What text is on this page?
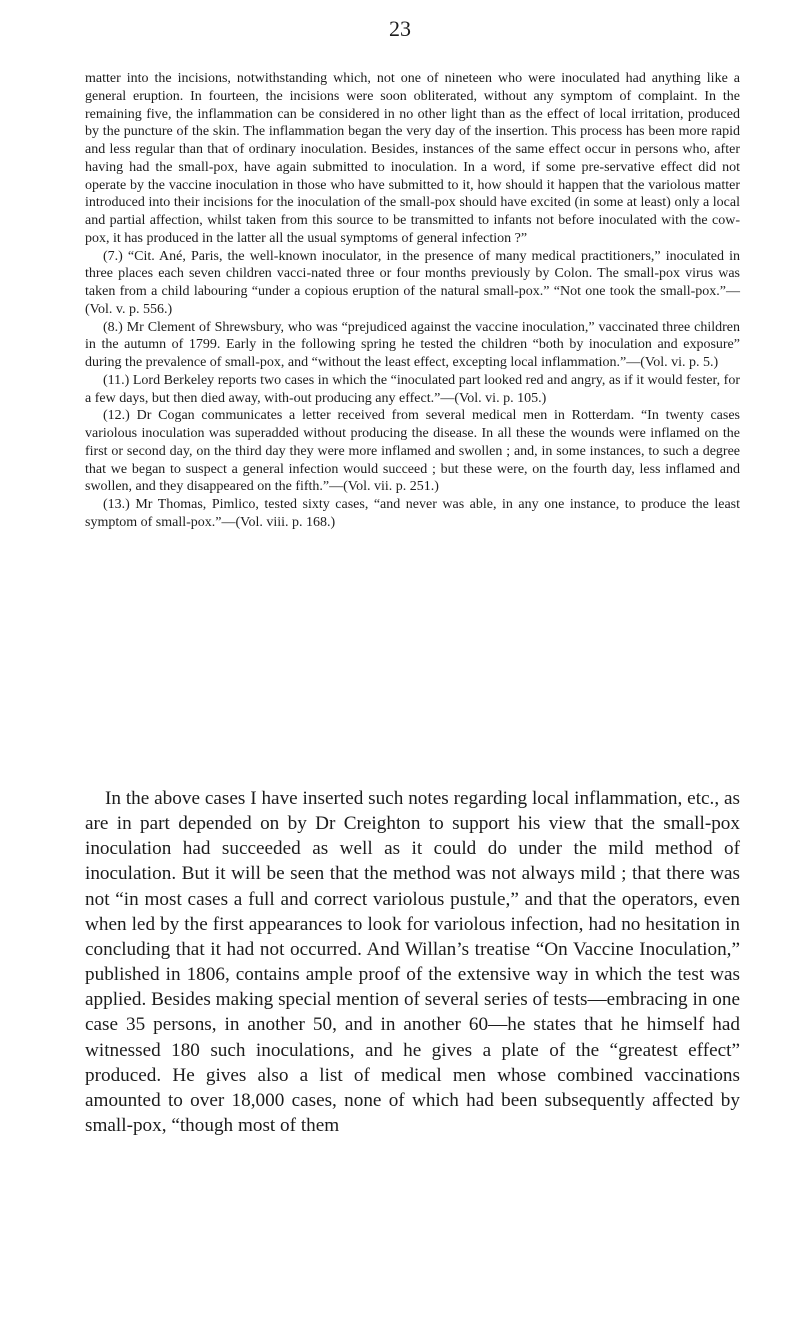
23

matter into the incisions, notwithstanding which, not one of nineteen who were inoculated had anything like a general eruption. In fourteen, the incisions were soon obliterated, without any symptom of complaint. In the remaining five, the inflammation can be considered in no other light than as the effect of local irritation, produced by the puncture of the skin. The inflammation began the very day of the insertion. This process has been more rapid and less regular than that of ordinary inoculation. Besides, instances of the same effect occur in persons who, after having had the small-pox, have again submitted to inoculation. In a word, if some pre-servative effect did not operate by the vaccine inoculation in those who have submitted to it, how should it happen that the variolous matter introduced into their incisions for the inoculation of the small-pox should have excited (in some at least) only a local and partial affection, whilst taken from this source to be transmitted to infants not before inoculated with the cow-pox, it has produced in the latter all the usual symptoms of general infection ?”

(7.) “Cit. Ané, Paris, the well-known inoculator, in the presence of many medical practitioners,” inoculated in three places each seven children vacci-nated three or four months previously by Colon. The small-pox virus was taken from a child labouring “under a copious eruption of the natural small-pox.” “Not one took the small-pox.”—(Vol. v. p. 556.)

(8.) Mr Clement of Shrewsbury, who was “prejudiced against the vaccine inoculation,” vaccinated three children in the autumn of 1799. Early in the following spring he tested the children “both by inoculation and exposure” during the prevalence of small-pox, and “without the least effect, excepting local inflammation.”—(Vol. vi. p. 5.)

(11.) Lord Berkeley reports two cases in which the “inoculated part looked red and angry, as if it would fester, for a few days, but then died away, with-out producing any effect.”—(Vol. vi. p. 105.)

(12.) Dr Cogan communicates a letter received from several medical men in Rotterdam. “In twenty cases variolous inoculation was superadded without producing the disease. In all these the wounds were inflamed on the first or second day, on the third day they were more inflamed and swollen ; and, in some instances, to such a degree that we began to suspect a general infection would succeed ; but these were, on the fourth day, less inflamed and swollen, and they disappeared on the fifth.”—(Vol. vii. p. 251.)

(13.) Mr Thomas, Pimlico, tested sixty cases, “and never was able, in any one instance, to produce the least symptom of small-pox.”—(Vol. viii. p. 168.)

In the above cases I have inserted such notes regarding local inflammation, etc., as are in part depended on by Dr Creighton to support his view that the small-pox inoculation had succeeded as well as it could do under the mild method of inoculation. But it will be seen that the method was not always mild ; that there was not “in most cases a full and correct variolous pustule,” and that the operators, even when led by the first appearances to look for variolous infection, had no hesitation in concluding that it had not occurred. And Willan’s treatise “On Vaccine Inoculation,” published in 1806, contains ample proof of the extensive way in which the test was applied. Besides making special mention of several series of tests—embracing in one case 35 persons, in another 50, and in another 60—he states that he himself had witnessed 180 such inoculations, and he gives a plate of the “greatest effect” produced. He gives also a list of medical men whose combined vaccinations amounted to over 18,000 cases, none of which had been subsequently affected by small-pox, “though most of them
